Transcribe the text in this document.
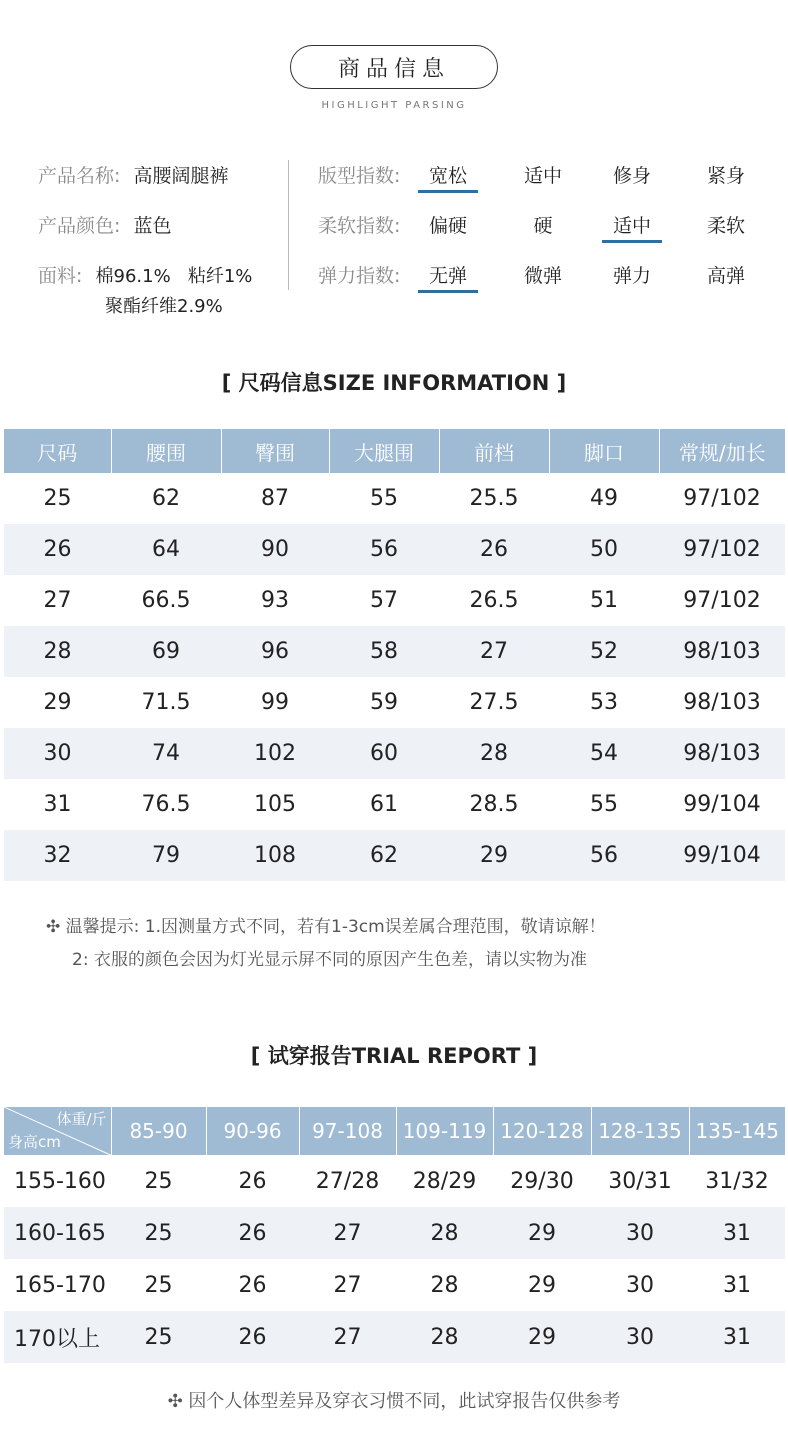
商品信息
HIGHLIGHT PARSING
产品名称: 高腰阔腿裤
产品颜色: 蓝色
面料: 棉96.1%   粘纤1%
聚酯纤维2.9%
版型指数:	宽松	适中	修身	紧身
柔软指数:	偏硬	硬	适中	柔软
弹力指数:	无弹	微弹	弹力	高弹
[ 尺码信息SIZE INFORMATION ]
尺码	腰围	臀围	大腿围	前档	脚口	常规/加长
25	62	87	55	25.5	49	97/102
26	64	90	56	26	50	97/102
27	66.5	93	57	26.5	51	97/102
28	69	96	58	27	52	98/103
29	71.5	99	59	27.5	53	98/103
30	74	102	60	28	54	98/103
31	76.5	105	61	28.5	55	99/104
32	79	108	62	29	56	99/104
✣ 温馨提示: 1.因测量方式不同，若有1-3cm误差属合理范围，敬请谅解！
2: 衣服的颜色会因为灯光显示屏不同的原因产生色差，请以实物为准
[ 试穿报告TRIAL REPORT ]
体重/斤
身高cm	85-90	90-96	97-108	109-119	120-128	128-135	135-145
155-160	25	26	27/28	28/29	29/30	30/31	31/32
160-165	25	26	27	28	29	30	31
165-170	25	26	27	28	29	30	31
170以上	25	26	27	28	29	30	31
✣ 因个人体型差异及穿衣习惯不同，此试穿报告仅供参考
